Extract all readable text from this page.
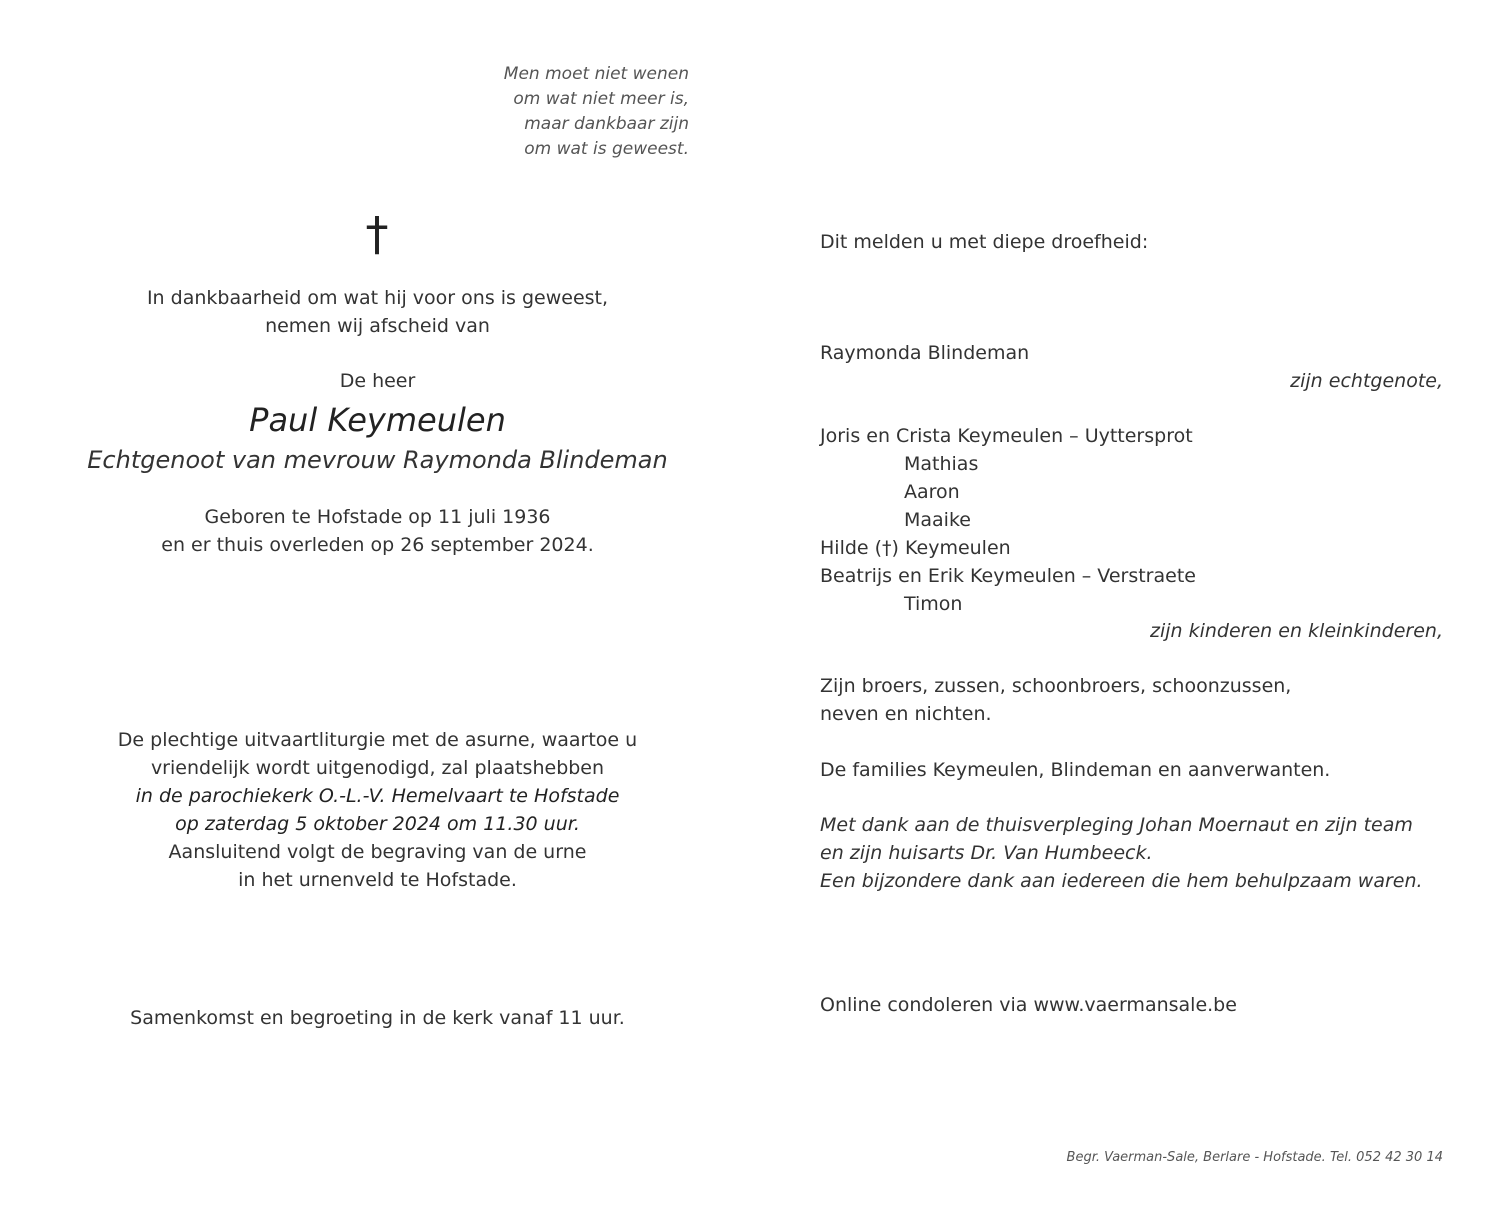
Men moet niet wenen
om wat niet meer is,
maar dankbaar zijn
om wat is geweest.
†
In dankbaarheid om wat hij voor ons is geweest,
nemen wij afscheid van
De heer
Paul Keymeulen
Echtgenoot van mevrouw Raymonda Blindeman
Geboren te Hofstade op 11 juli 1936
en er thuis overleden op 26 september 2024.
De plechtige uitvaartliturgie met de asurne, waartoe u
vriendelijk wordt uitgenodigd, zal plaatshebben
in de parochiekerk O.-L.-V. Hemelvaart te Hofstade
op zaterdag 5 oktober 2024 om 11.30 uur.
Aansluitend volgt de begraving van de urne
in het urnenveld te Hofstade.
Samenkomst en begroeting in de kerk vanaf 11 uur.
Dit melden u met diepe droefheid:
Raymonda Blindeman
zijn echtgenote,
Joris en Crista Keymeulen – Uyttersprot
Mathias
Aaron
Maaike
Hilde (†) Keymeulen
Beatrijs en Erik Keymeulen – Verstraete
Timon
zijn kinderen en kleinkinderen,
Zijn broers, zussen, schoonbroers, schoonzussen,
neven en nichten.
De families Keymeulen, Blindeman en aanverwanten.
Met dank aan de thuisverpleging Johan Moernaut en zijn team
en zijn huisarts Dr. Van Humbeeck.
Een bijzondere dank aan iedereen die hem behulpzaam waren.
Online condoleren via www.vaermansale.be
Begr. Vaerman-Sale, Berlare - Hofstade. Tel. 052 42 30 14
